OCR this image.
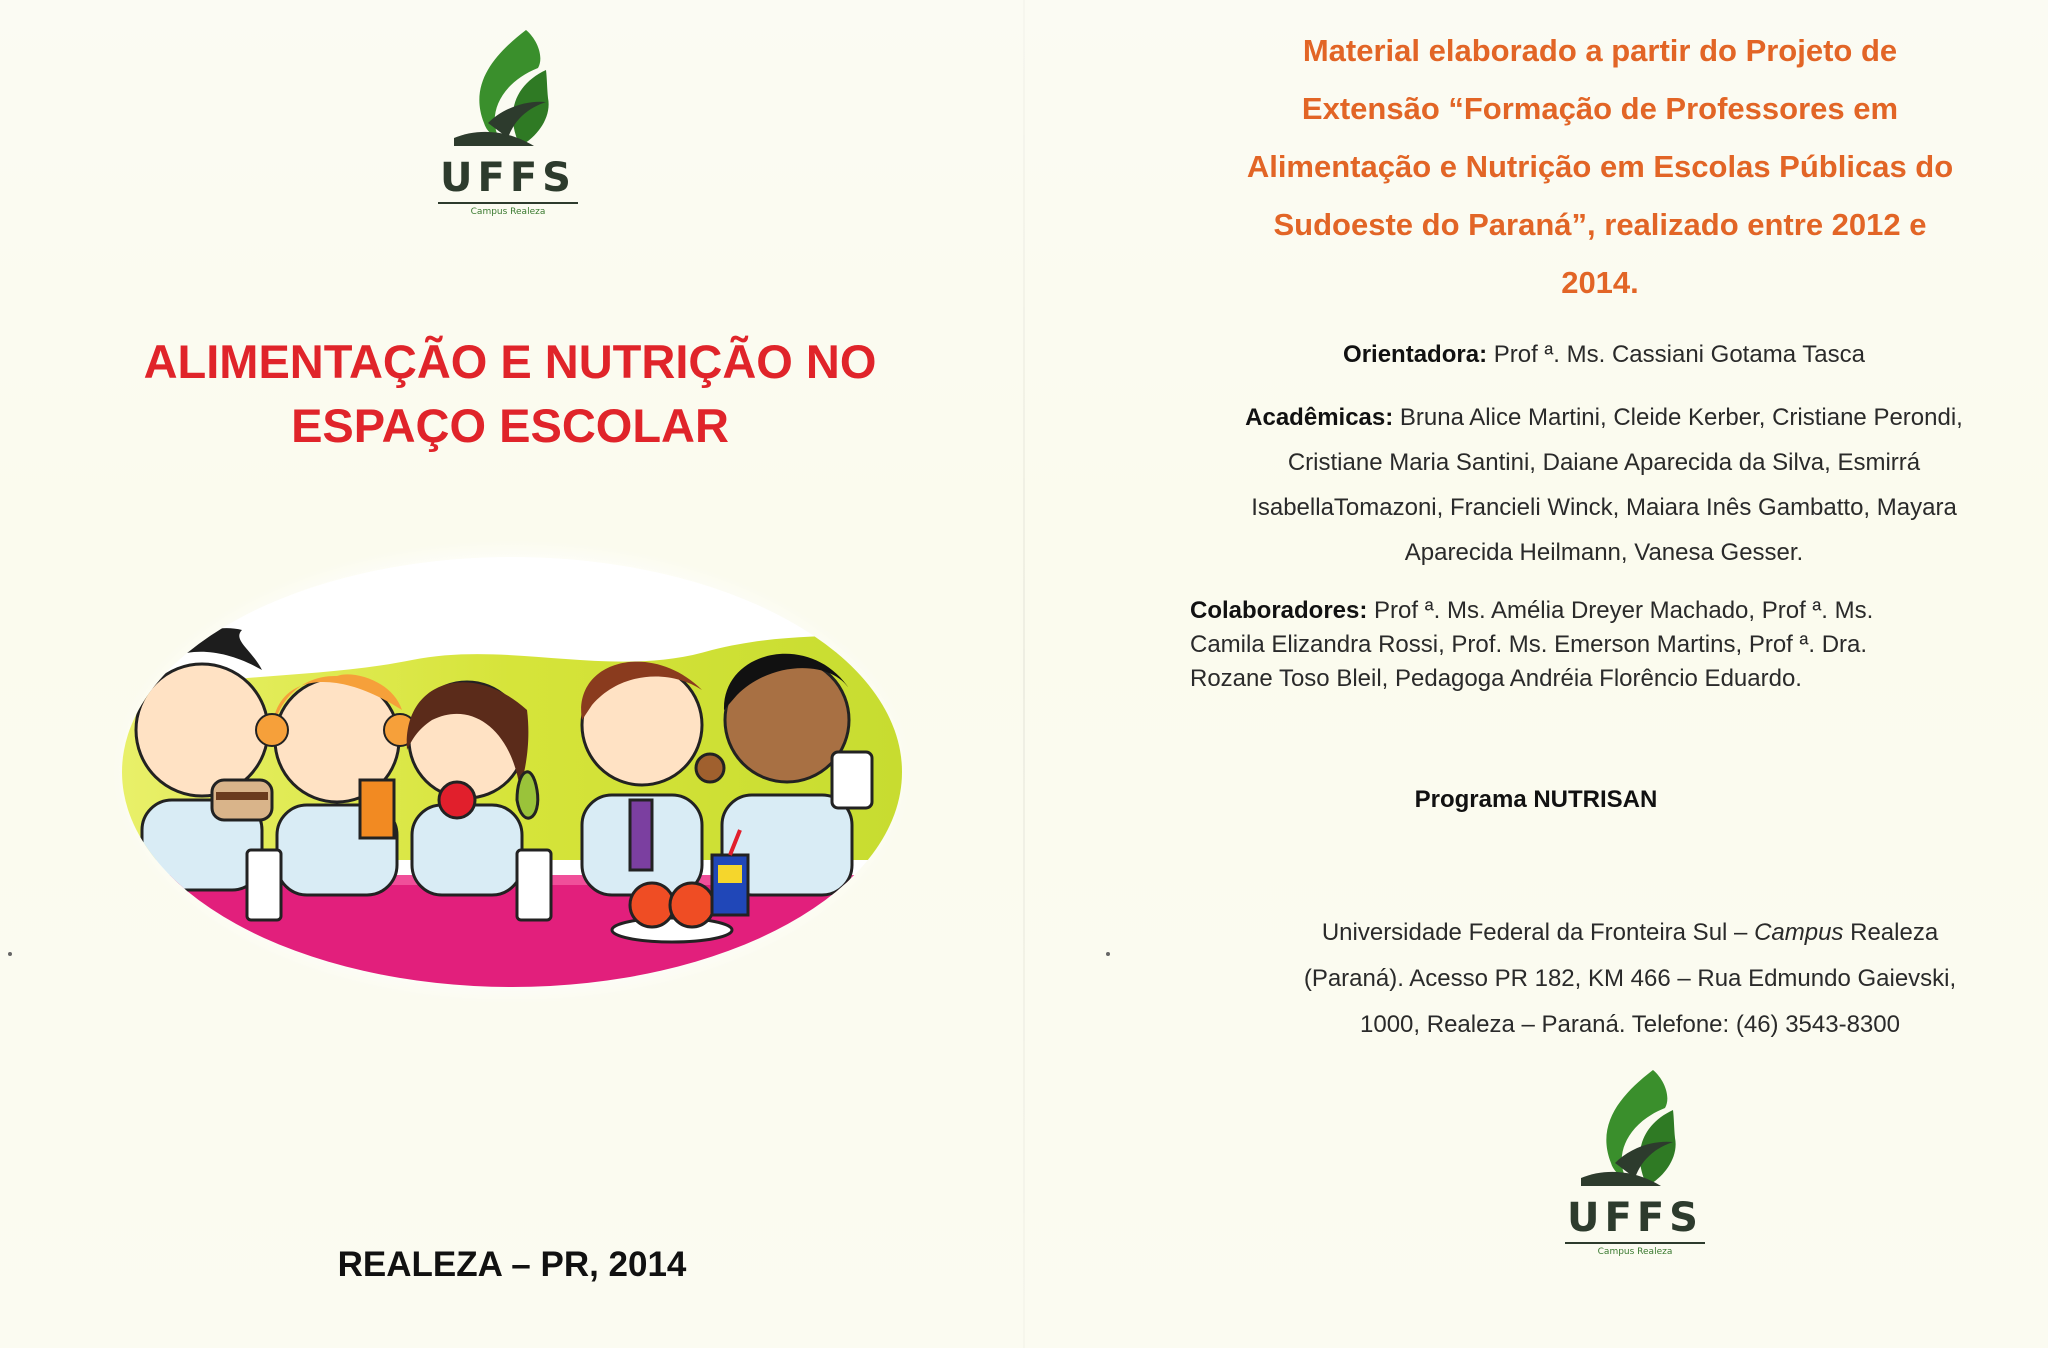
UFFS
Campus Realeza
ALIMENTAÇÃO E NUTRIÇÃO NO
ESPAÇO ESCOLAR
REALEZA – PR, 2014
Material elaborado a partir do Projeto de
Extensão “Formação de Professores em
Alimentação e Nutrição em Escolas Públicas do
Sudoeste do Paraná”, realizado entre 2012 e
2014.
Orientadora: Prof ª. Ms. Cassiani Gotama Tasca
Acadêmicas: Bruna Alice Martini, Cleide Kerber, Cristiane Perondi,
Cristiane Maria Santini, Daiane Aparecida da Silva, Esmirrá
IsabellaTomazoni, Francieli Winck, Maiara Inês Gambatto, Mayara
Aparecida Heilmann, Vanesa Gesser.
Colaboradores: Prof ª. Ms. Amélia Dreyer Machado, Prof ª. Ms.
Camila Elizandra Rossi, Prof. Ms. Emerson Martins, Prof ª. Dra.
Rozane Toso Bleil, Pedagoga Andréia Florêncio Eduardo.
Programa NUTRISAN
Universidade Federal da Fronteira Sul – Campus Realeza
(Paraná). Acesso PR 182, KM 466 – Rua Edmundo Gaievski,
1000, Realeza – Paraná. Telefone: (46) 3543-8300
UFFS
Campus Realeza
